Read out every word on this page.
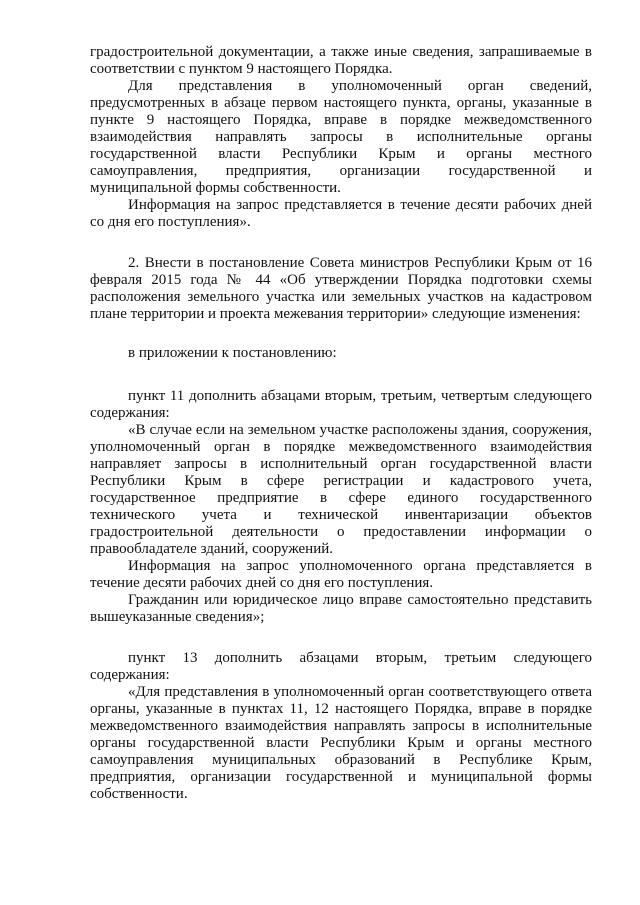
градостроительной документации, а также иные сведения, запрашиваемые в соответствии с пунктом 9 настоящего Порядка.

Для представления в уполномоченный орган сведений, предусмотренных в абзаце первом настоящего пункта, органы, указанные в пункте 9 настоящего Порядка, вправе в порядке межведомственного взаимодействия направлять запросы в исполнительные органы государственной власти Республики Крым и органы местного самоуправления, предприятия, организации государственной и муниципальной формы собственности.

Информация на запрос представляется в течение десяти рабочих дней со дня его поступления».

2. Внести в постановление Совета министров Республики Крым от 16 февраля 2015 года № 44 «Об утверждении Порядка подготовки схемы расположения земельного участка или земельных участков на кадастровом плане территории и проекта межевания территории» следующие изменения:

в приложении к постановлению:

пункт 11 дополнить абзацами вторым, третьим, четвертым следующего содержания:

«В случае если на земельном участке расположены здания, сооружения, уполномоченный орган в порядке межведомственного взаимодействия направляет запросы в исполнительный орган государственной власти Республики Крым в сфере регистрации и кадастрового учета, государственное предприятие в сфере единого государственного технического учета и технической инвентаризации объектов градостроительной деятельности о предоставлении информации о правообладателе зданий, сооружений.

Информация на запрос уполномоченного органа представляется в течение десяти рабочих дней со дня его поступления.

Гражданин или юридическое лицо вправе самостоятельно представить вышеуказанные сведения»;

пункт 13 дополнить абзацами вторым, третьим следующего содержания:

«Для представления в уполномоченный орган соответствующего ответа органы, указанные в пунктах 11, 12 настоящего Порядка, вправе в порядке межведомственного взаимодействия направлять запросы в исполнительные органы государственной власти Республики Крым и органы местного самоуправления муниципальных образований в Республике Крым, предприятия, организации государственной и муниципальной формы собственности.
